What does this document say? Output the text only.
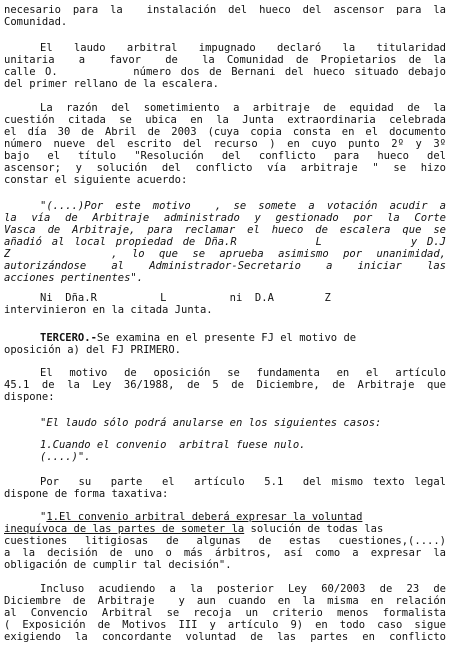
necesario para la  instalación del hueco del ascensor para la
Comunidad.
El laudo arbitral impugnado declaró la titularidad
unitaria  a  favor  de  la Comunidad de Propietarios de la
calle O.        número dos de Bernani del hueco situado debajo
del primer rellano de la escalera.
La razón del sometimiento a arbitraje de equidad de la
cuestión citada se ubica en la Junta extraordinaria celebrada
el día 30 de Abril de 2003 (cuya copia consta en el documento
número nueve del escrito del recurso ) en cuyo punto 2º y 3º
bajo el título "Resolución del conflicto para hueco del
ascensor; y solución del conflicto vía arbitraje " se hizo
constar el siguiente acuerdo:
"(....)Por este motivo  , se somete a votación acudir a
la vía de Arbitraje administrado y gestionado por la Corte
Vasca de Arbitraje, para reclamar el hueco de escalera que se
añadió al local propiedad de Dña.R        L         y D.J
Z       , lo que se aprueba asimismo por unanimidad,
autorizándose  al  Administrador-Secretario  a  iniciar  las
acciones pertinentes".
Ni  Dña.R          L          ni  D.A        Z
intervinieron en la citada Junta.
TERCERO.-Se examina en el presente FJ el motivo de
oposición a) del FJ PRIMERO.
El  motivo  de  oposición  se  fundamenta  en  el  artículo
45.1 de la Ley 36/1988, de 5 de Diciembre, de Arbitraje que
dispone:
"El laudo sólo podrá anularse en los siguientes casos:
1.Cuando el convenio  arbitral fuese nulo.
(....)".
Por  su  parte  el  artículo  5.1  del mismo texto legal
dispone de forma taxativa:
"1.El convenio arbitral deberá expresar la voluntad
inequívoca de las partes de someter la solución de todas las
cuestiones litigiosas de algunas de estas cuestiones,(....)
a la decisión de uno o más árbitros, así como a expresar la
obligación de cumplir tal decisión".
Incluso acudiendo a la posterior Ley 60/2003 de 23 de
Diciembre de Arbitraje  y aun cuando en la misma en relación
al Convencio Arbitral se recoja un criterio menos formalista
( Exposición de Motivos III y artículo 9) en todo caso sigue
exigiendo la concordante voluntad de las partes en conflicto
